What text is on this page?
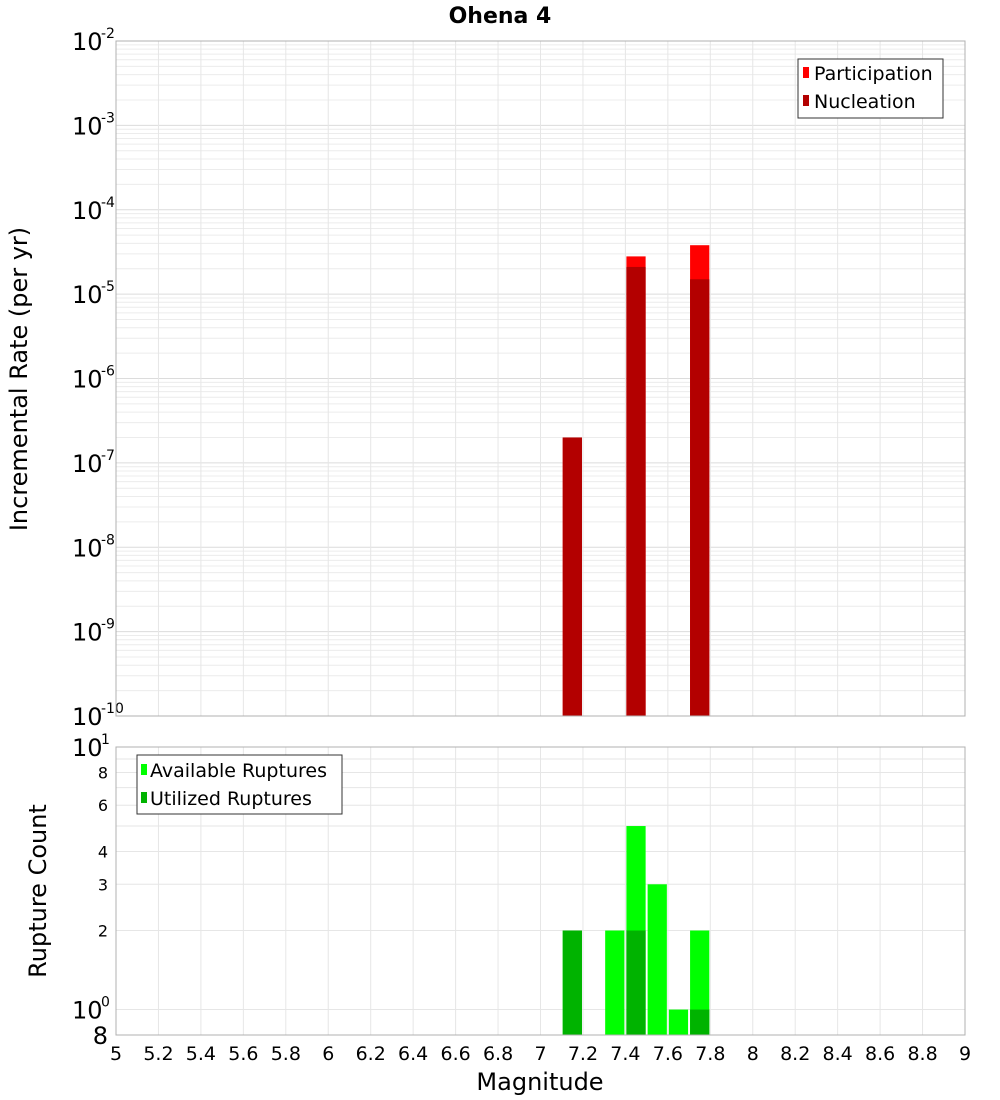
Ohena 4
10
-2
10
-3
10
-4
10
-5
10
-6
10
-7
10
-8
10
-9
10
-10
Participation
Nucleation
10
1
8
6
4
3
2
10
0
8
5 5.2 5.4 5.6 5.8 6 6.2 6.4 6.6 6.8 7 7.2 7.4 7.6 7.8 8 8.2 8.4 8.6 8.8 9
Available Ruptures
Utilized Ruptures
Incremental Rate (per yr)
Rupture Count
Magnitude
